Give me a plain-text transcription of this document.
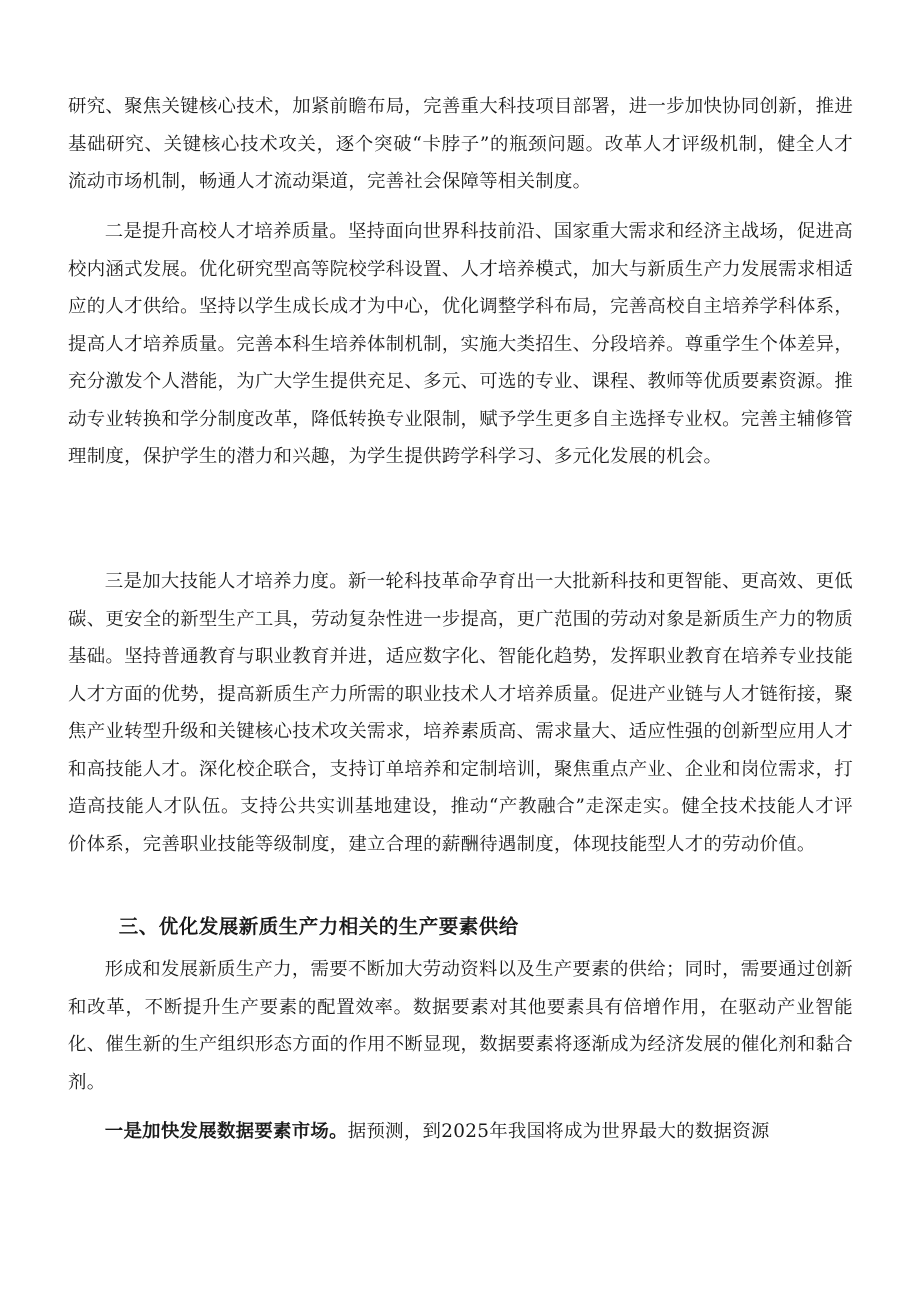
研究、聚焦关键核心技术，加紧前瞻布局，完善重大科技项目部署，进一步加快协同创新，推进基础研究、关键核心技术攻关，逐个突破“卡脖子”的瓶颈问题。改革人才评级机制，健全人才流动市场机制，畅通人才流动渠道，完善社会保障等相关制度。

二是提升高校人才培养质量。坚持面向世界科技前沿、国家重大需求和经济主战场，促进高校内涵式发展。优化研究型高等院校学科设置、人才培养模式，加大与新质生产力发展需求相适应的人才供给。坚持以学生成长成才为中心，优化调整学科布局，完善高校自主培养学科体系，提高人才培养质量。完善本科生培养体制机制，实施大类招生、分段培养。尊重学生个体差异，充分激发个人潜能，为广大学生提供充足、多元、可选的专业、课程、教师等优质要素资源。推动专业转换和学分制度改革，降低转换专业限制，赋予学生更多自主选择专业权。完善主辅修管理制度，保护学生的潜力和兴趣，为学生提供跨学科学习、多元化发展的机会。

三是加大技能人才培养力度。新一轮科技革命孕育出一大批新科技和更智能、更高效、更低碳、更安全的新型生产工具，劳动复杂性进一步提高，更广范围的劳动对象是新质生产力的物质基础。坚持普通教育与职业教育并进，适应数字化、智能化趋势，发挥职业教育在培养专业技能人才方面的优势，提高新质生产力所需的职业技术人才培养质量。促进产业链与人才链衔接，聚焦产业转型升级和关键核心技术攻关需求，培养素质高、需求量大、适应性强的创新型应用人才和高技能人才。深化校企联合，支持订单培养和定制培训，聚焦重点产业、企业和岗位需求，打造高技能人才队伍。支持公共实训基地建设，推动“产教融合”走深走实。健全技术技能人才评价体系，完善职业技能等级制度，建立合理的薪酬待遇制度，体现技能型人才的劳动价值。

三、优化发展新质生产力相关的生产要素供给

形成和发展新质生产力，需要不断加大劳动资料以及生产要素的供给；同时，需要通过创新和改革，不断提升生产要素的配置效率。数据要素对其他要素具有倍增作用，在驱动产业智能化、催生新的生产组织形态方面的作用不断显现，数据要素将逐渐成为经济发展的催化剂和黏合剂。

一是加快发展数据要素市场。据预测，到2025年我国将成为世界最大的数据资源
